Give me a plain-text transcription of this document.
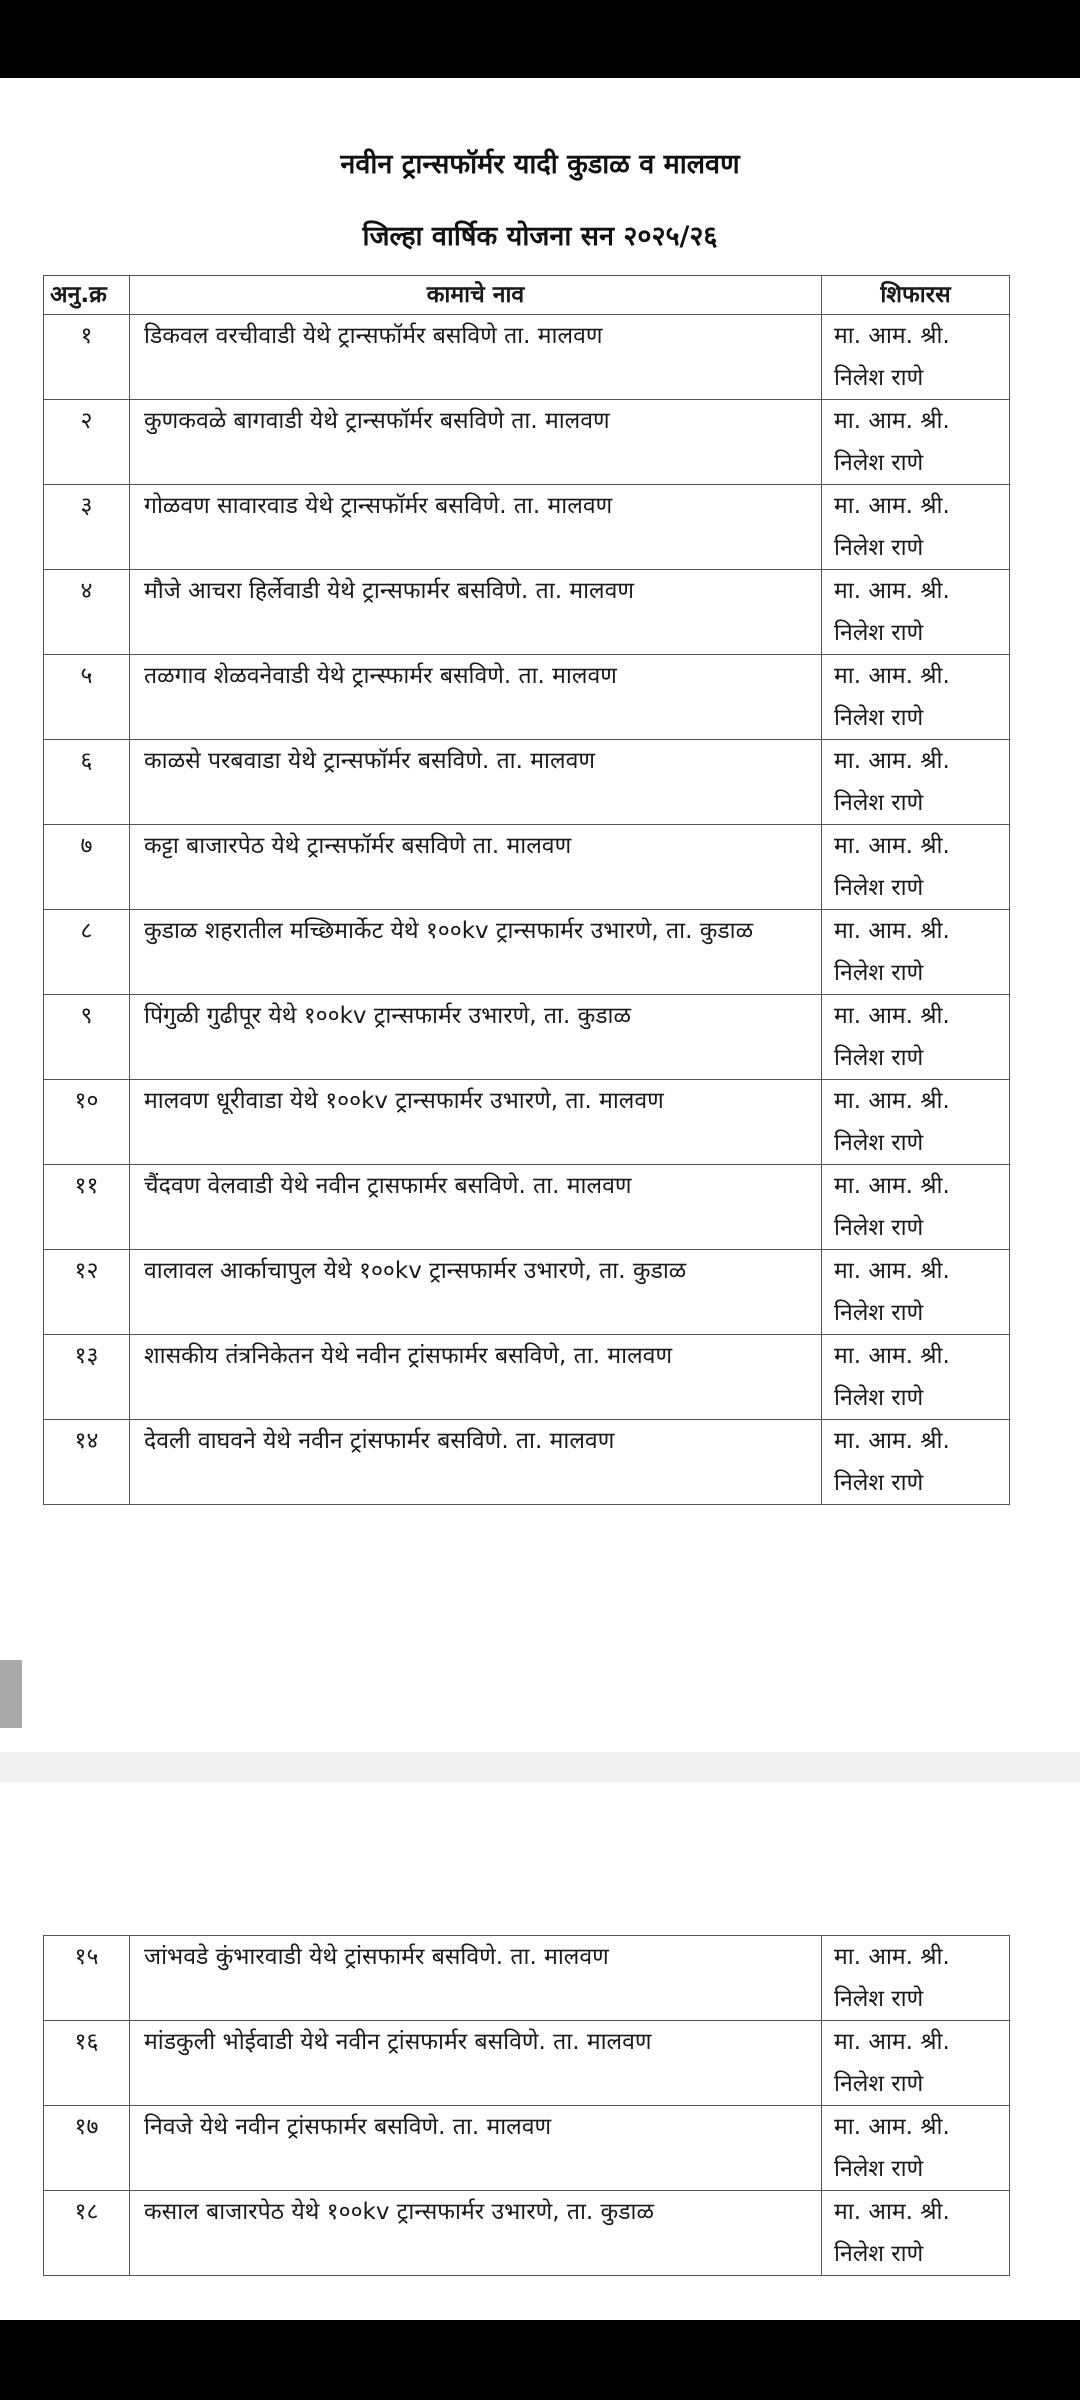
नवीन ट्रान्सफॉर्मर यादी कुडाळ व मालवण
जिल्हा वार्षिक योजना सन २०२५/२६
अनु.क्र	कामाचे नाव	शिफारस
१	डिकवल वरचीवाडी येथे ट्रान्सफॉर्मर बसविणे ता. मालवण	मा. आम. श्री.
निलेश राणे

२	कुणकवळे बागवाडी येथे ट्रान्सफॉर्मर बसविणे ता. मालवण	मा. आम. श्री.
निलेश राणे

३	गोळवण सावारवाड येथे ट्रान्सफॉर्मर बसविणे. ता. मालवण	मा. आम. श्री.
निलेश राणे

४	मौजे आचरा हिर्लेवाडी येथे ट्रान्सफार्मर बसविणे. ता. मालवण	मा. आम. श्री.
निलेश राणे

५	तळगाव शेळवनेवाडी येथे ट्रान्स्फार्मर बसविणे. ता. मालवण	मा. आम. श्री.
निलेश राणे

६	काळसे परबवाडा येथे ट्रान्सफॉर्मर बसविणे. ता. मालवण	मा. आम. श्री.
निलेश राणे

७	कट्टा बाजारपेठ येथे ट्रान्सफॉर्मर बसविणे ता. मालवण	मा. आम. श्री.
निलेश राणे

८	कुडाळ शहरातील मच्छिमार्केट येथे १००kv ट्रान्सफार्मर उभारणे, ता. कुडाळ	मा. आम. श्री.
निलेश राणे

९	पिंगुळी गुढीपूर येथे १००kv ट्रान्सफार्मर उभारणे, ता. कुडाळ	मा. आम. श्री.
निलेश राणे

१०	मालवण धूरीवाडा येथे १००kv ट्रान्सफार्मर उभारणे, ता. मालवण	मा. आम. श्री.
निलेश राणे

११	चैंदवण वेलवाडी येथे नवीन ट्रासफार्मर बसविणे. ता. मालवण	मा. आम. श्री.
निलेश राणे

१२	वालावल आर्काचापुल येथे १००kv ट्रान्सफार्मर उभारणे, ता. कुडाळ	मा. आम. श्री.
निलेश राणे

१३	शासकीय तंत्रनिकेतन येथे नवीन ट्रांसफार्मर बसविणे, ता. मालवण	मा. आम. श्री.
निलेश राणे

१४	देवली वाघवने येथे नवीन ट्रांसफार्मर बसविणे. ता. मालवण	मा. आम. श्री.
निलेश राणे
१५	जांभवडे कुंभारवाडी येथे ट्रांसफार्मर बसविणे. ता. मालवण	मा. आम. श्री.
निलेश राणे

१६	मांडकुली भोईवाडी येथे नवीन ट्रांसफार्मर बसविणे. ता. मालवण	मा. आम. श्री.
निलेश राणे

१७	निवजे येथे नवीन ट्रांसफार्मर बसविणे. ता. मालवण	मा. आम. श्री.
निलेश राणे

१८	कसाल बाजारपेठ येथे १००kv ट्रान्सफार्मर उभारणे, ता. कुडाळ	मा. आम. श्री.
निलेश राणे
